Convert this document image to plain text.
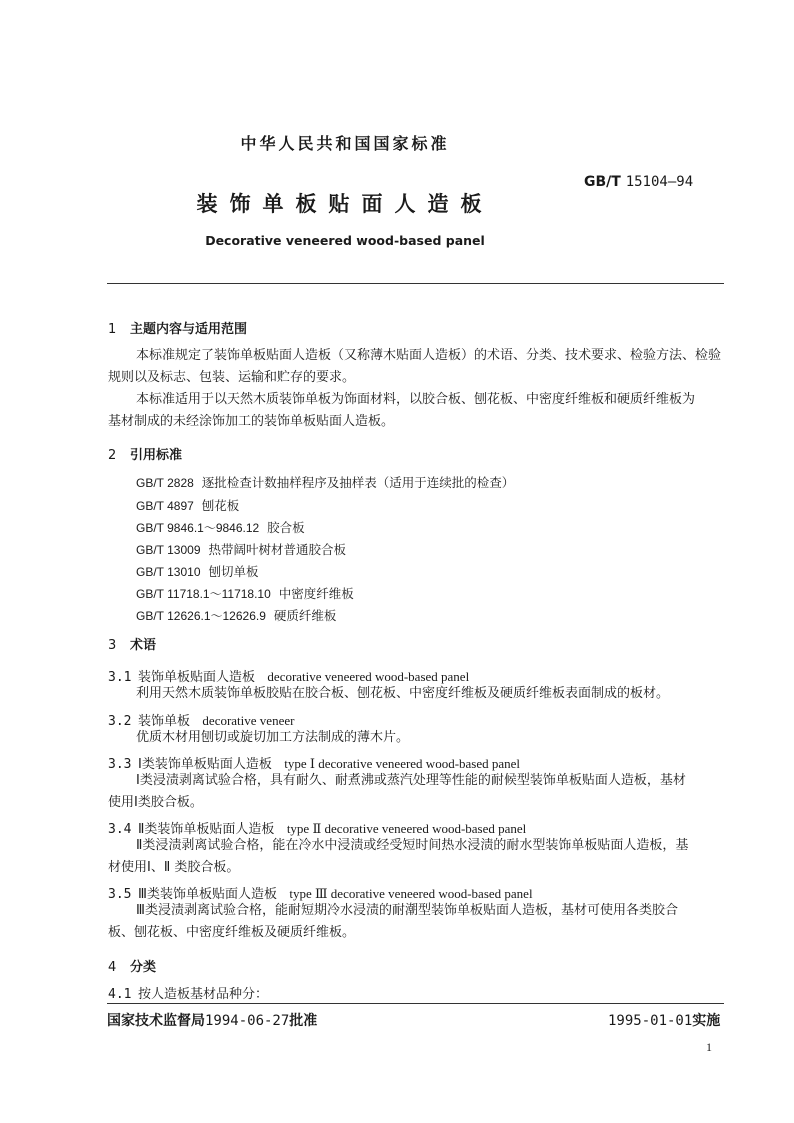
中华人民共和国国家标准
GB/T 15104—94
装饰单板贴面人造板
Decorative veneered wood-based panel
1 主题内容与适用范围
本标准规定了装饰单板贴面人造板（又称薄木贴面人造板）的术语、分类、技术要求、检验方法、检验
规则以及标志、包装、运输和贮存的要求。
本标准适用于以天然木质装饰单板为饰面材料，以胶合板、刨花板、中密度纤维板和硬质纤维板为
基材制成的未经涂饰加工的装饰单板贴面人造板。
2 引用标准
GB/T 2828 逐批检查计数抽样程序及抽样表（适用于连续批的检查）
GB/T 4897 刨花板
GB/T 9846.1～9846.12 胶合板
GB/T 13009 热带阔叶树材普通胶合板
GB/T 13010 刨切单板
GB/T 11718.1～11718.10 中密度纤维板
GB/T 12626.1～12626.9 硬质纤维板
3 术语
3.1 装饰单板贴面人造板 decorative veneered wood-based panel
利用天然木质装饰单板胶贴在胶合板、刨花板、中密度纤维板及硬质纤维板表面制成的板材。
3.2 装饰单板 decorative veneer
优质木材用刨切或旋切加工方法制成的薄木片。
3.3 Ⅰ类装饰单板贴面人造板 type Ⅰ decorative veneered wood-based panel
Ⅰ类浸渍剥离试验合格，具有耐久、耐煮沸或蒸汽处理等性能的耐候型装饰单板贴面人造板，基材
使用Ⅰ类胶合板。
3.4 Ⅱ类装饰单板贴面人造板 type Ⅱ decorative veneered wood-based panel
Ⅱ类浸渍剥离试验合格，能在冷水中浸渍或经受短时间热水浸渍的耐水型装饰单板贴面人造板，基
材使用Ⅰ、Ⅱ 类胶合板。
3.5 Ⅲ类装饰单板贴面人造板 type Ⅲ decorative veneered wood-based panel
Ⅲ类浸渍剥离试验合格，能耐短期冷水浸渍的耐潮型装饰单板贴面人造板，基材可使用各类胶合
板、刨花板、中密度纤维板及硬质纤维板。
4 分类
4.1 按人造板基材品种分：
国家技术监督局1994-06-27批准	1995-01-01实施
1
